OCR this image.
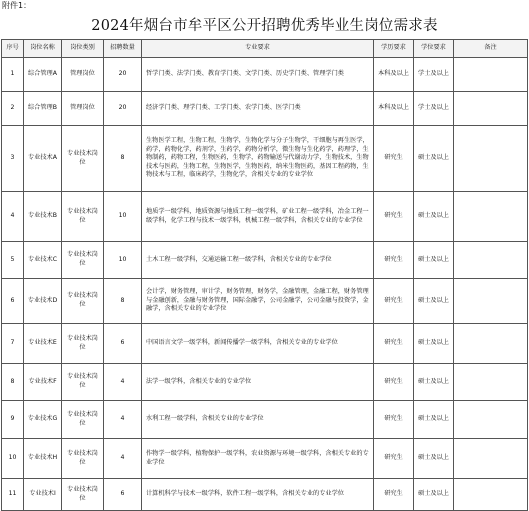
附件1：
2024年烟台市牟平区公开招聘优秀毕业生岗位需求表
序号	岗位名称	岗位类别	招聘数量	专业要求	学历要求	学位要求	备注
1	综合管理A	管理岗位	20	哲学门类、法学门类、教育学门类、文学门类、历史学门类、管理学门类	本科及以上	学士及以上	
2	综合管理B	管理岗位	20	经济学门类、理学门类、工学门类、农学门类、医学门类	本科及以上	学士及以上	
3	专业技术A	专业技术岗位	8	生物医学工程，生物工程，生物学，生物化学与分子生物学，干细胞与再生医学，药学，药物化学，药剂学，生药学，药物分析学，微生物与生化药学，药理学，生物制药，药物工程，生物医药，生物学，药物输送与代谢动力学，生物技术，生物技术与医药，生物工程，生物医学，生物医药，纳米生物医药，基因工程药物，生物技术与工程，临床药学，生物化学，含相关专业的专业学位	研究生	硕士及以上	
4	专业技术B	专业技术岗位	10	地质学一级学科，地质资源与地质工程一级学科，矿业工程一级学科，冶金工程一级学科，化学工程与技术一级学科，机械工程一级学科，含相关专业的专业学位	研究生	硕士及以上	
5	专业技术C	专业技术岗位	10	土木工程一级学科，交通运输工程一级学科，含相关专业的专业学位	研究生	硕士及以上	
6	专业技术D	专业技术岗位	8	会计学，财务管理，审计学，财务管理，财务学，金融管理，金融工程，财务管理与金融创新，金融与财务管理，国际金融学，公司金融学，公司金融与投资学，金融学，含相关专业的专业学位	研究生	硕士及以上	
7	专业技术E	专业技术岗位	6	中国语言文学一级学科，新闻传播学一级学科，含相关专业的专业学位	研究生	硕士及以上	
8	专业技术F	专业技术岗位	4	法学一级学科，含相关专业的专业学位	研究生	硕士及以上	
9	专业技术G	专业技术岗位	4	水利工程一级学科，含相关专业的专业学位	研究生	硕士及以上	
10	专业技术H	专业技术岗位	4	作物学一级学科，植物保护一级学科，农业资源与环境一级学科，含相关专业的专业学位	研究生	硕士及以上	
11	专业技术I	专业技术岗位	6	计算机科学与技术一级学科，软件工程一级学科，含相关专业的专业学位	研究生	硕士及以上	
